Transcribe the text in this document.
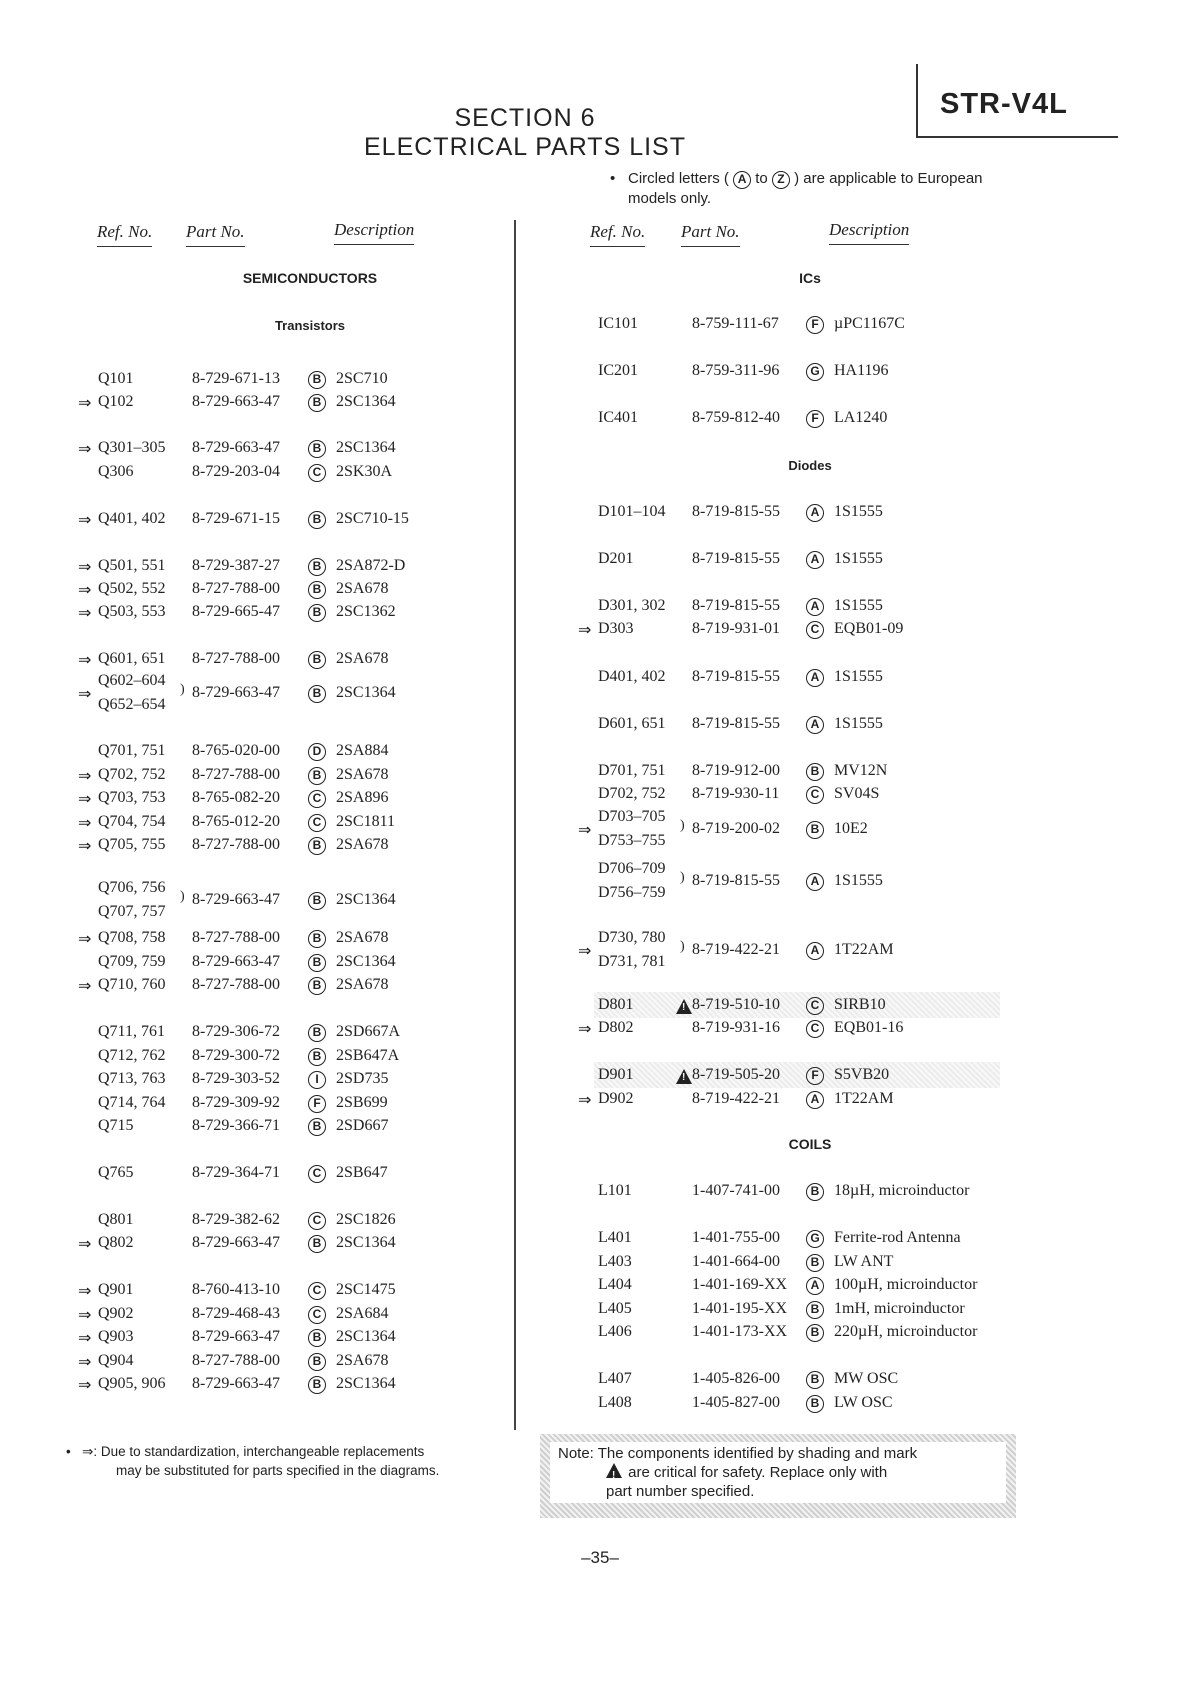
STR-V4L
SECTION 6
ELECTRICAL PARTS LIST
• Circled letters ( A to Z ) are applicable to European
models only.
Ref. No. Part No.	Description	Ref. No. Part No.	Description
SEMICONDUCTORS
Transistors
Q101	8-729-671-13	B 2SC710
⇒ Q102	8-729-663-47	B 2SC1364
⇒ Q301–305 8-729-663-47	B 2SC1364
Q306	8-729-203-04	C 2SK30A
⇒ Q401, 402 8-729-671-15	B 2SC710-15
⇒ Q501, 551 8-729-387-27	B 2SA872-D
⇒ Q502, 552 8-727-788-00	B 2SA678
⇒ Q503, 553 8-729-665-47	B 2SC1362
⇒ Q601, 651 8-727-788-00	B 2SA678
⇒
Q602–604
Q652–654
) 8-729-663-47	B 2SC1364
Q701, 751 8-765-020-00	D 2SA884
⇒ Q702, 752 8-727-788-00	B 2SA678
⇒ Q703, 753 8-765-082-20	C 2SA896
⇒ Q704, 754 8-765-012-20	C 2SC1811
⇒ Q705, 755 8-727-788-00	B 2SA678
Q706, 756
Q707, 757
) 8-729-663-47	B 2SC1364
⇒ Q708, 758 8-727-788-00	B 2SA678
Q709, 759 8-729-663-47	B 2SC1364
⇒ Q710, 760 8-727-788-00	B 2SA678
Q711, 761 8-729-306-72	B 2SD667A
Q712, 762 8-729-300-72	B 2SB647A
Q713, 763 8-729-303-52	I	2SD735
Q714, 764 8-729-309-92	F 2SB699
Q715	8-729-366-71	B 2SD667
Q765	8-729-364-71	C 2SB647
Q801	8-729-382-62	C 2SC1826
⇒ Q802	8-729-663-47	B 2SC1364
⇒ Q901	8-760-413-10	C 2SC1475
⇒ Q902	8-729-468-43	C 2SA684
⇒ Q903	8-729-663-47	B 2SC1364
⇒ Q904	8-727-788-00	B 2SA678
⇒ Q905, 906 8-729-663-47	B 2SC1364
ICs
IC101	8-759-111-67	F µPC1167C
IC201	8-759-311-96	G HA1196
IC401	8-759-812-40	F LA1240
Diodes
D101–104 8-719-815-55	A 1S1555
D201	8-719-815-55	A 1S1555
D301, 302 8-719-815-55	A 1S1555
⇒ D303	8-719-931-01	C EQB01-09
D401, 402 8-719-815-55	A 1S1555
D601, 651 8-719-815-55	A 1S1555
D701, 751 8-719-912-00	B MV12N
D702, 752 8-719-930-11	C SV04S
⇒
D703–705
D753–755
) 8-719-200-02	B 10E2
D706–709
D756–759
) 8-719-815-55	A 1S1555
⇒
D730, 780
D731, 781
) 8-719-422-21	A 1T22AM
D801 !	8-719-510-10	C SIRB10
⇒ D802	8-719-931-16	C EQB01-16
D901 !	8-719-505-20	F S5VB20
⇒ D902	8-719-422-21	A 1T22AM
COILS
L101	1-407-741-00	B 18µH, microinductor
L401	1-401-755-00	G Ferrite-rod Antenna
L403	1-401-664-00	B LW ANT
L404	1-401-169-XX	A 100µH, microinductor
L405	1-401-195-XX	B 1mH, microinductor
L406	1-401-173-XX	B 220µH, microinductor
L407	1-405-826-00	B MW OSC
L408	1-405-827-00	B LW OSC
• ⇒: Due to standardization, interchangeable replacements
may be substituted for parts specified in the diagrams.
Note: The components identified by shading and mark
! are critical for safety. Replace only with
part number specified.
–35–
